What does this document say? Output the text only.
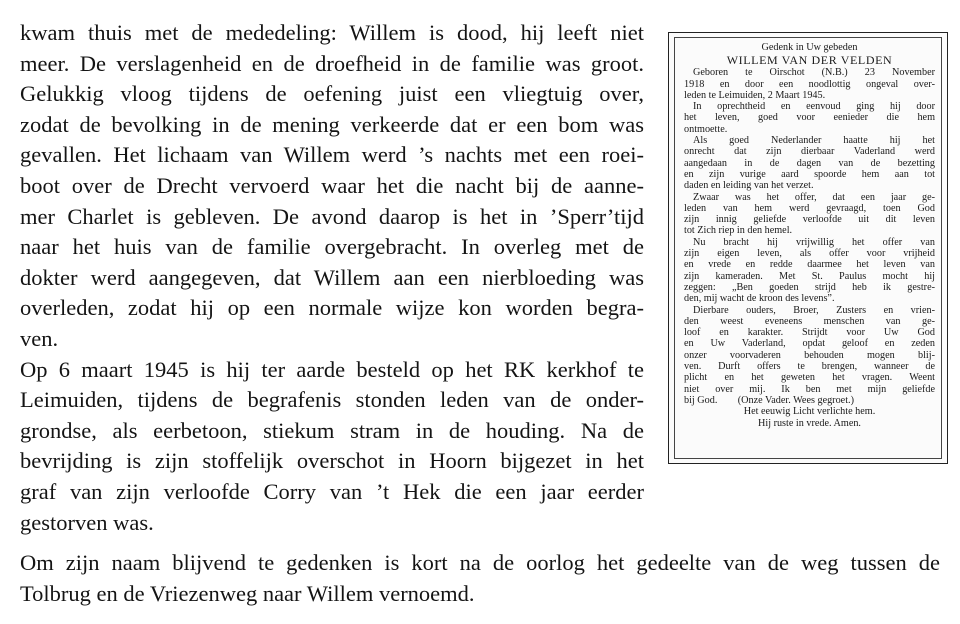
kwam thuis met de mededeling: Willem is dood, hij leeft niet
meer. De verslagenheid en de droefheid in de familie was groot.
Gelukkig vloog tijdens de oefening juist een vliegtuig over,
zodat de bevolking in de mening verkeerde dat er een bom was
gevallen. Het lichaam van Willem werd ’s nachts met een roei-
boot over de Drecht vervoerd waar het die nacht bij de aanne-
mer Charlet is gebleven. De avond daarop is het in ’Sperr’tijd
naar het huis van de familie overgebracht. In overleg met de
dokter werd aangegeven, dat Willem aan een nierbloeding was
overleden, zodat hij op een normale wijze kon worden begra-
ven.
Op 6 maart 1945 is hij ter aarde besteld op het RK kerkhof te
Leimuiden, tijdens de begrafenis stonden leden van de onder-
grondse, als eerbetoon, stiekum stram in de houding. Na de
bevrijding is zijn stoffelijk overschot in Hoorn bijgezet in het
graf van zijn verloofde Corry van ’t Hek die een jaar eerder
gestorven was.
Gedenk in Uw gebeden
WILLEM VAN DER VELDEN
Geboren te Oirschot (N.B.) 23 November
1918 en door een noodlottig ongeval over-
leden te Leimuiden, 2 Maart 1945.
In oprechtheid en eenvoud ging hij door
het leven, goed voor eenieder die hem
ontmoette.
Als goed Nederlander haatte hij het
onrecht dat zijn dierbaar Vaderland werd
aangedaan in de dagen van de bezetting
en zijn vurige aard spoorde hem aan tot
daden en leiding van het verzet.
Zwaar was het offer, dat een jaar ge-
leden van hem werd gevraagd, toen God
zijn innig geliefde verloofde uit dit leven
tot Zich riep in den hemel.
Nu bracht hij vrijwillig het offer van
zijn eigen leven, als offer voor vrijheid
en vrede en redde daarmee het leven van
zijn kameraden. Met St. Paulus mocht hij
zeggen: „Ben goeden strijd heb ik gestre-
den, mij wacht de kroon des levens”.
Dierbare ouders, Broer, Zusters en vrien-
den weest eveneens menschen van ge-
loof en karakter. Strijdt voor Uw God
en Uw Vaderland, opdat geloof en zeden
onzer voorvaderen behouden mogen blij-
ven. Durft offers te brengen, wanneer de
plicht en het geweten het vragen. Weent
niet over mij. Ik ben met mijn geliefde
bij God.        (Onze Vader. Wees gegroet.)
Het eeuwig Licht verlichte hem.
Hij ruste in vrede. Amen.
Om zijn naam blijvend te gedenken is kort na de oorlog het gedeelte van de weg tussen de
Tolbrug en de Vriezenweg naar Willem vernoemd.
